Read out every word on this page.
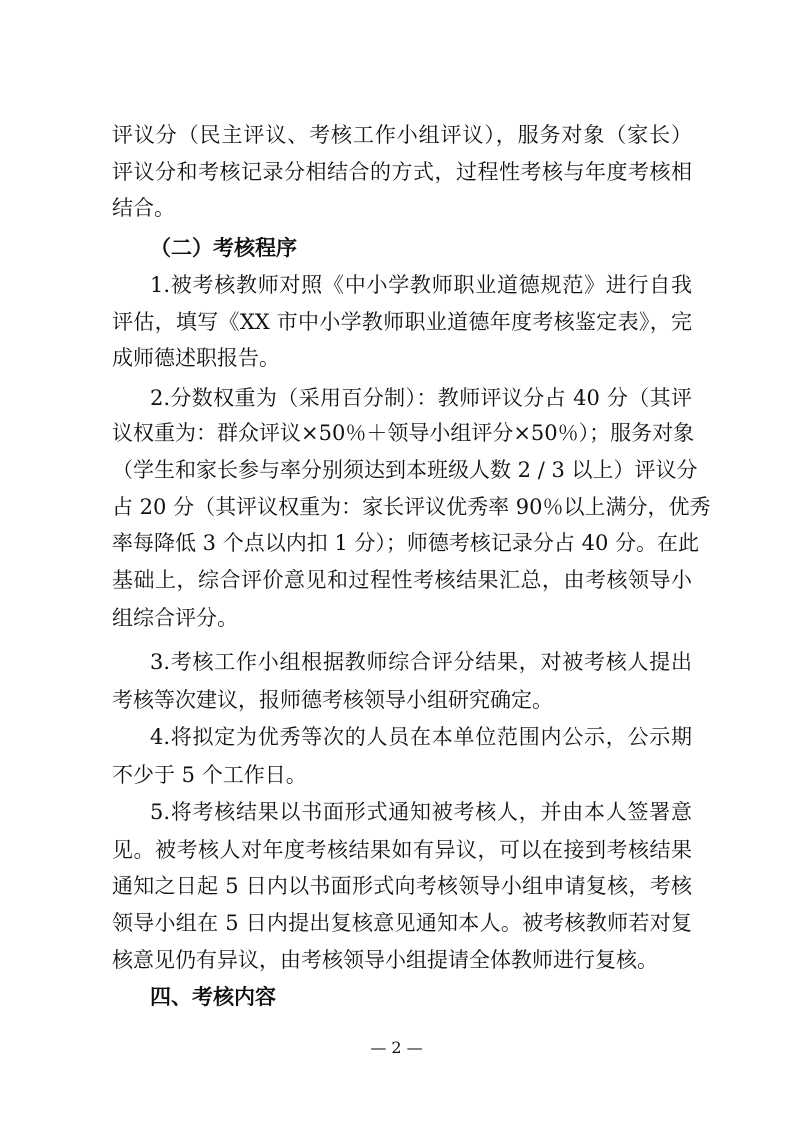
评议分（民主评议、考核工作小组评议），服务对象（家长）
评议分和考核记录分相结合的方式，过程性考核与年度考核相
结合。
（二）考核程序
1.被考核教师对照《中小学教师职业道德规范》进行自我
评估，填写《XX 市中小学教师职业道德年度考核鉴定表》，完
成师德述职报告。
2.分数权重为（采用百分制）：教师评议分占 40 分（其评
议权重为：群众评议×50％＋领导小组评分×50％）；服务对象
（学生和家长参与率分别须达到本班级人数 2 / 3 以上）评议分
占 20 分（其评议权重为：家长评议优秀率 90％以上满分，优秀
率每降低 3 个点以内扣 1 分）；师德考核记录分占 40 分。在此
基础上，综合评价意见和过程性考核结果汇总，由考核领导小
组综合评分。
3.考核工作小组根据教师综合评分结果，对被考核人提出
考核等次建议，报师德考核领导小组研究确定。
4.将拟定为优秀等次的人员在本单位范围内公示，公示期
不少于 5 个工作日。
5.将考核结果以书面形式通知被考核人，并由本人签署意
见。被考核人对年度考核结果如有异议，可以在接到考核结果
通知之日起 5 日内以书面形式向考核领导小组申请复核，考核
领导小组在 5 日内提出复核意见通知本人。被考核教师若对复
核意见仍有异议，由考核领导小组提请全体教师进行复核。
四、考核内容
— 2 —
